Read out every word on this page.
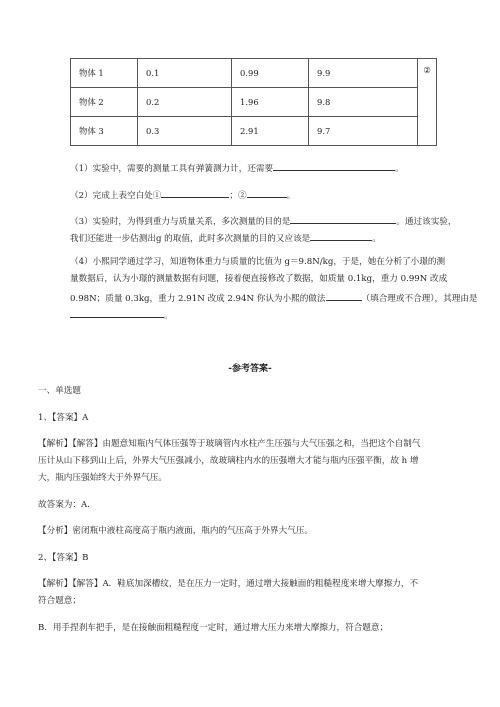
物体 1	0.1	0.99	9.9	②
物体 2	0.2	1.96	9.8	
物体 3	0.3	2.91	9.7	
（1）实验中，需要的测量工具有弹簧测力计，还需要	。
（2）完成上表空白处①	；②	。
（3）实验时，为得到重力与质量关系，多次测量的目的是	。通过该实验，
我们还能进一步估测出g 的取值，此时多次测量的目的又应该是	。
（4）小熙同学通过学习，知道物体重力与质量的比值为 g＝9.8N/kg，于是，她在分析了小璟的测
量数据后，认为小璟的测量数据有问题，接着便直接修改了数据，如质量 0.1kg，重力 0.99N 改成
0.98N；质量 0.3kg，重力 2.91N 改成 2.94N 你认为小熙的做法	（填合理或不合理），其理由是
。
-参考答案-
一、单选题
1、【答案】A
【解析】【解答】由题意知瓶内气体压强等于玻璃管内水柱产生压强与大气压强之和，当把这个自制气
压计从山下移到山上后，外界大气压强减小，故玻璃柱内水的压强增大才能与瓶内压强平衡，故 h 增
大，瓶内压强始终大于外界气压。
故答案为：A.
【分析】密闭瓶中液柱高度高于瓶内液面，瓶内的气压高于外界大气压。
2、【答案】B
【解析】【解答】A．鞋底加深槽纹，是在压力一定时，通过增大接触面的粗糙程度来增大摩擦力，不
符合题意；
B．用手捏刹车把手，是在接触面粗糙程度一定时，通过增大压力来增大摩擦力，符合题意；
